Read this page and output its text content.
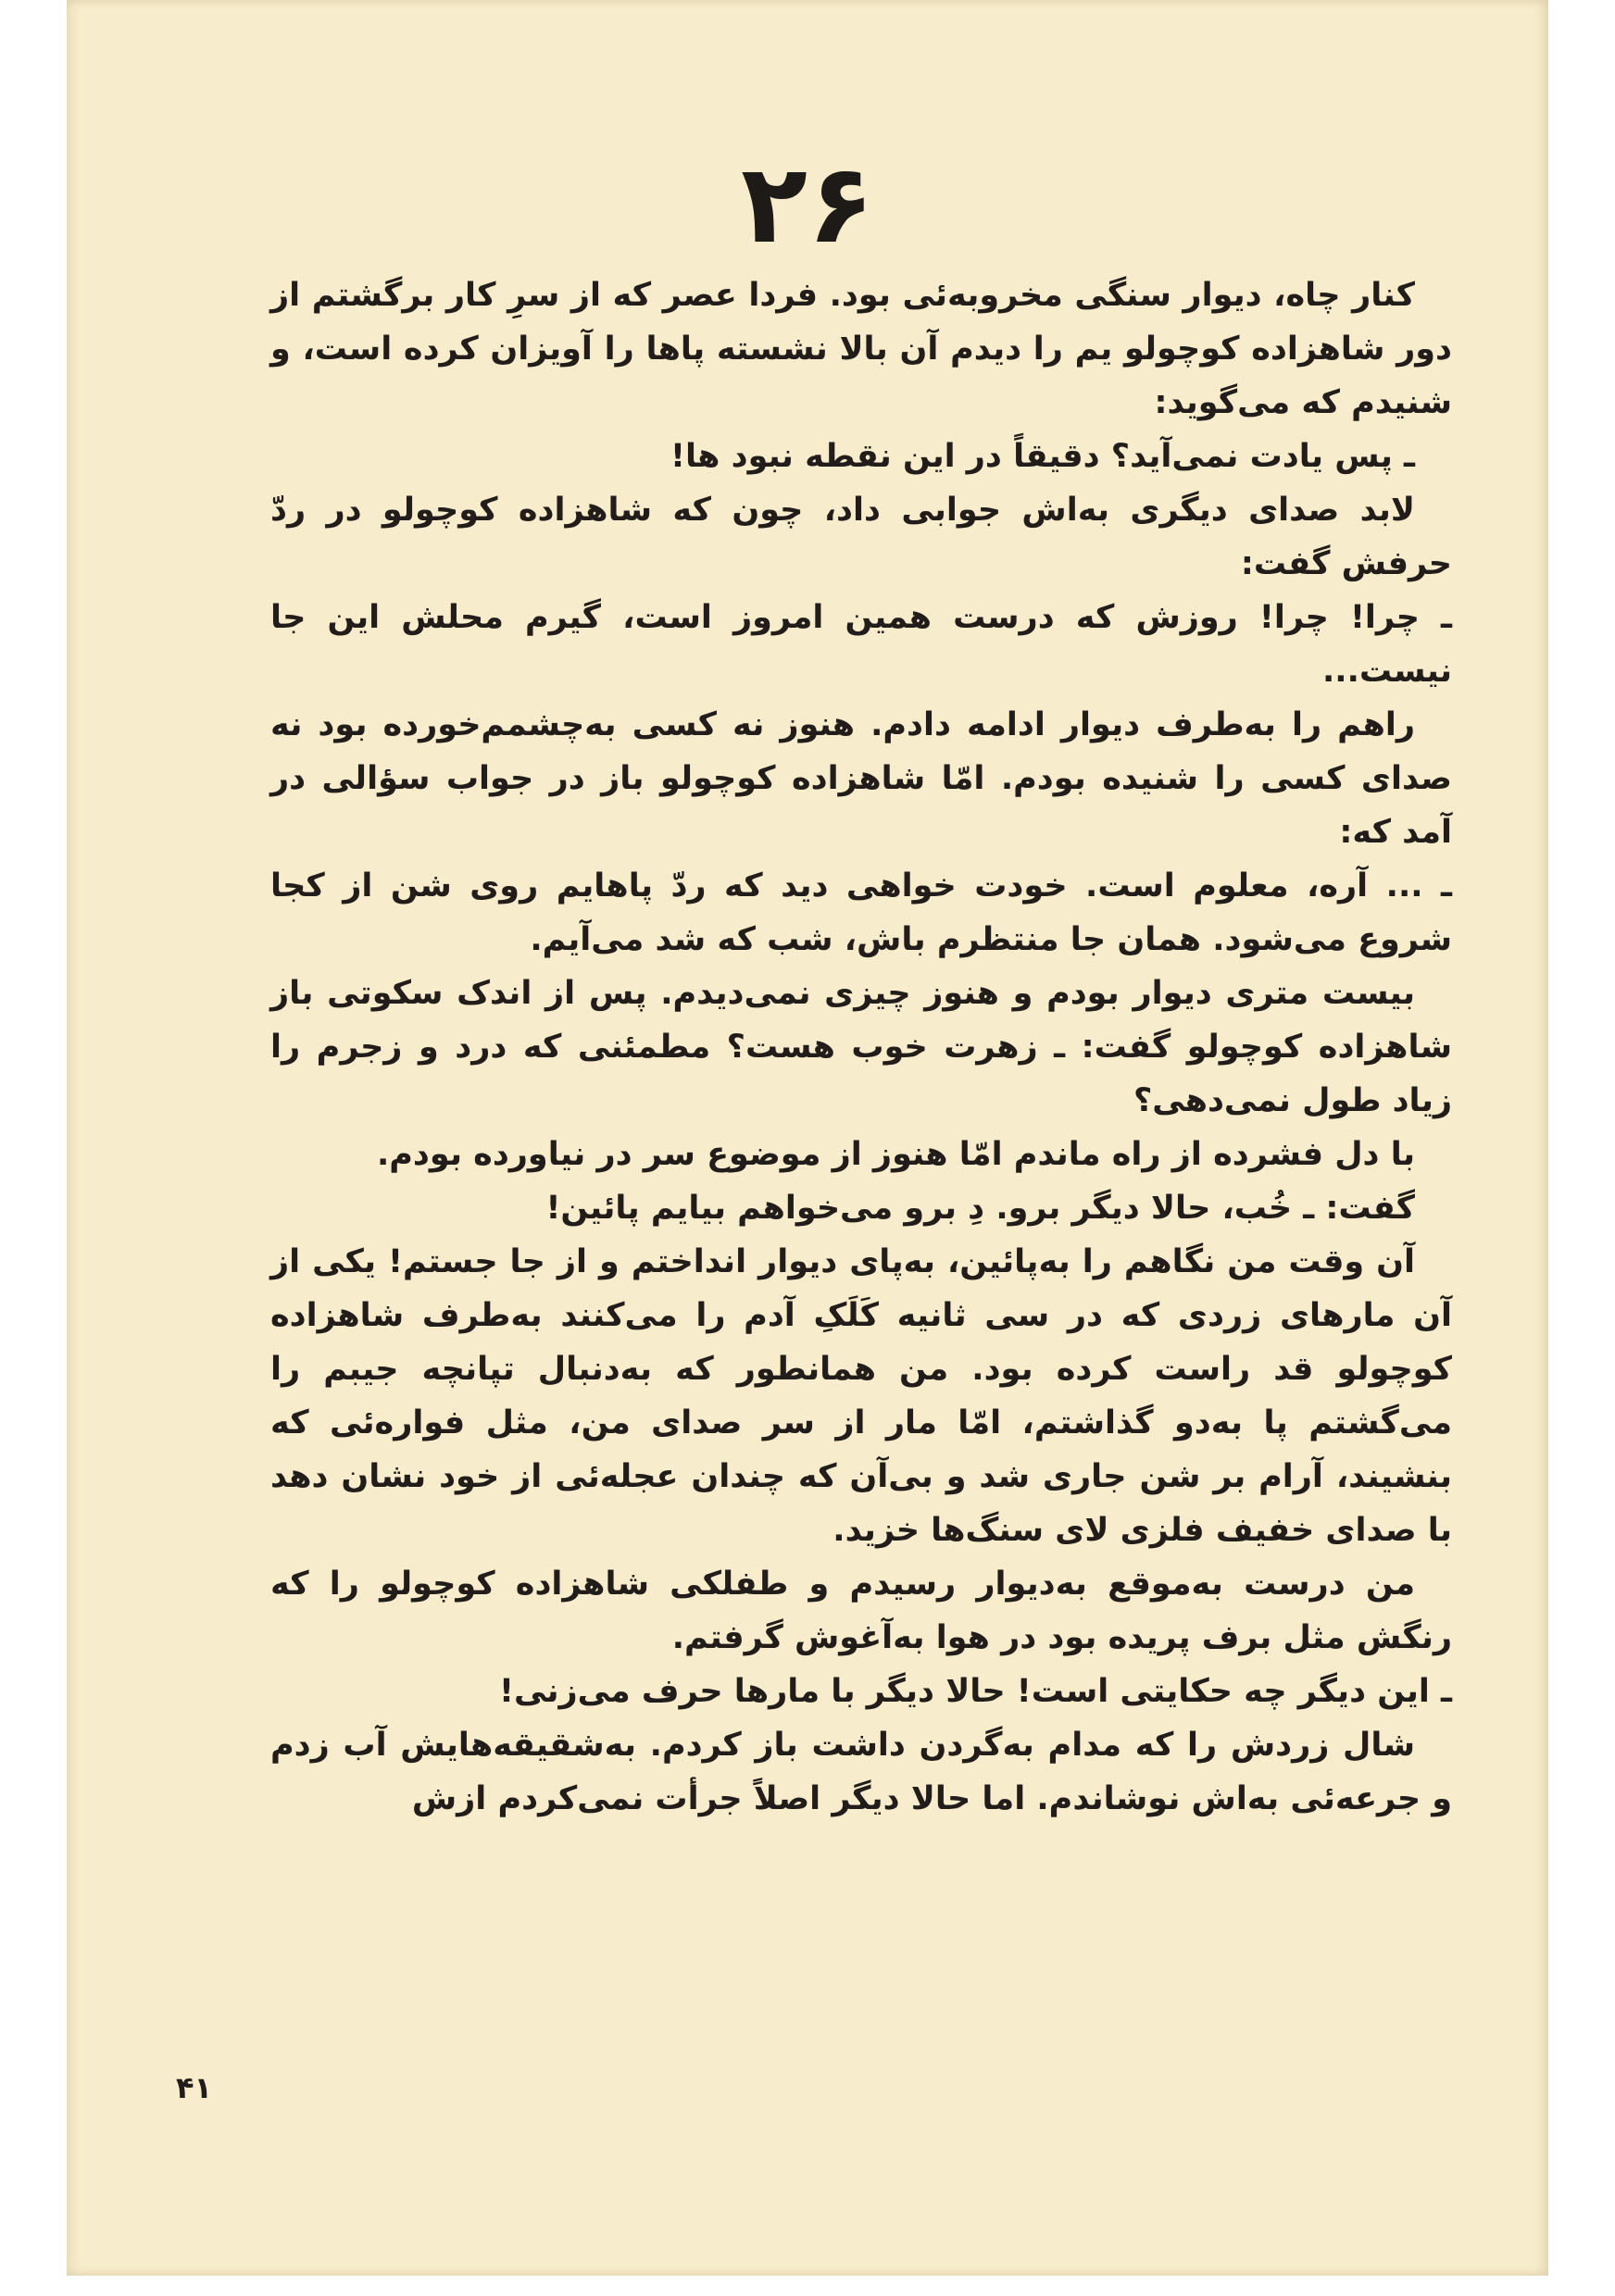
۲۶

کنار چاه، دیوار سنگی مخروبه‌ئی بود. فردا عصر که از سرِ کار برگشتم از دور شاهزاده کوچولو یم را دیدم آن بالا نشسته پاها را آویزان کرده است، و شنیدم که می‌گوید:

ـ پس یادت نمی‌آید؟ دقیقاً در این نقطه نبود ها!

لابد صدای دیگری به‌اش جوابی داد، چون که شاهزاده کوچولو در ردّ حرفش گفت:

ـ چرا! چرا! روزش که درست همین امروز است، گیرم محلش این جا نیست...

راهم را به‌طرف دیوار ادامه دادم. هنوز نه کسی به‌چشمم‌خورده بود نه صدای کسی را شنیده بودم. امّا شاهزاده کوچولو باز در جواب سؤالی در آمد که:

ـ ... آره، معلوم است. خودت خواهی دید که ردّ پاهایم روی شن از کجا شروع می‌شود. همان جا منتظرم باش، شب که شد می‌آیم.

بیست متری دیوار بودم و هنوز چیزی نمی‌دیدم. پس از اندک سکوتی باز شاهزاده کوچولو گفت: ـ زهرت خوب هست؟ مطمئنی که درد و زجرم را زیاد طول نمی‌دهی؟

با دل فشرده از راه ماندم امّا هنوز از موضوع سر در نیاورده بودم.

گفت: ـ خُب، حالا دیگر برو. دِ برو می‌خواهم بیایم پائین!

آن وقت من نگاهم را به‌پائین، به‌پای دیوار انداختم و از جا جستم! یکی از آن مارهای زردی که در سی ثانیه کَلَکِ آدم را می‌کنند به‌طرف شاهزاده کوچولو قد راست کرده بود. من همانطور که به‌دنبال تپانچه جیبم را می‌گشتم پا به‌دو گذاشتم، امّا مار از سر صدای من، مثل فواره‌ئی که بنشیند، آرام بر شن جاری شد و بی‌آن که چندان عجله‌ئی از خود نشان دهد با صدای خفیف فلزی لای سنگ‌ها خزید.

من درست به‌موقع به‌دیوار رسیدم و طفلکی شاهزاده کوچولو را که رنگش مثل برف پریده بود در هوا به‌آغوش گرفتم.

ـ این دیگر چه حکایتی است! حالا دیگر با مارها حرف می‌زنی!

شال زردش را که مدام به‌گردن داشت باز کردم. به‌شقیقه‌هایش آب زدم و جرعه‌ئی به‌اش نوشاندم. اما حالا دیگر اصلاً جرأت نمی‌کردم ازش

۴۱
